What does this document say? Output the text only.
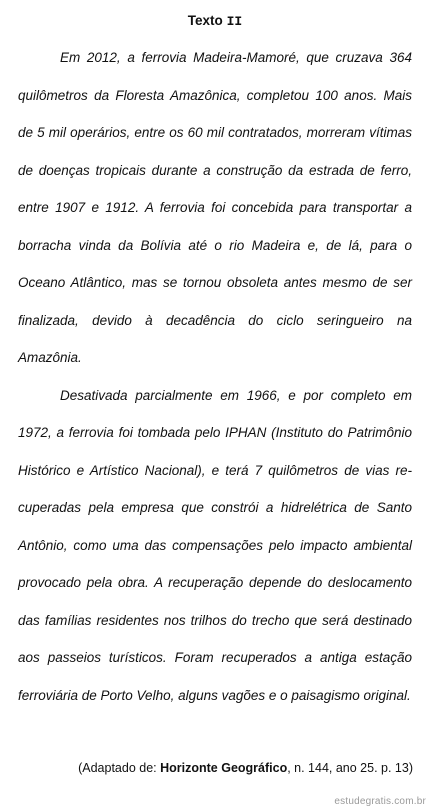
Texto II

Em 2012, a ferrovia Madeira-Mamoré, que cruzava 364 quilômetros da Floresta Amazônica, completou 100 anos. Mais de 5 mil operários, entre os 60 mil contratados, morreram vítimas de doenças tropicais durante a construção da estrada de ferro, entre 1907 e 1912. A ferrovia foi concebida para transportar a borracha vinda da Bolívia até o rio Madeira e, de lá, para o Oceano Atlântico, mas se tornou obsoleta antes mesmo de ser finalizada, devido à decadência do ciclo seringueiro na Amazônia.

Desativada parcialmente em 1966, e por completo em 1972, a ferrovia foi tombada pelo IPHAN (Instituto do Patrimônio Histórico e Artístico Nacional), e terá 7 quilômetros de vias recuperadas pela empresa que constrói a hidrelétrica de Santo Antônio, como uma das compensações pelo impacto ambiental provocado pela obra. A recuperação depende do deslocamento das famílias residentes nos trilhos do trecho que será destinado aos passeios turísticos. Foram recuperados a antiga estação ferroviária de Porto Velho, alguns vagões e o paisagismo original.

(Adaptado de: Horizonte Geográfico, n. 144, ano 25. p. 13)
estudegratis.com.br
